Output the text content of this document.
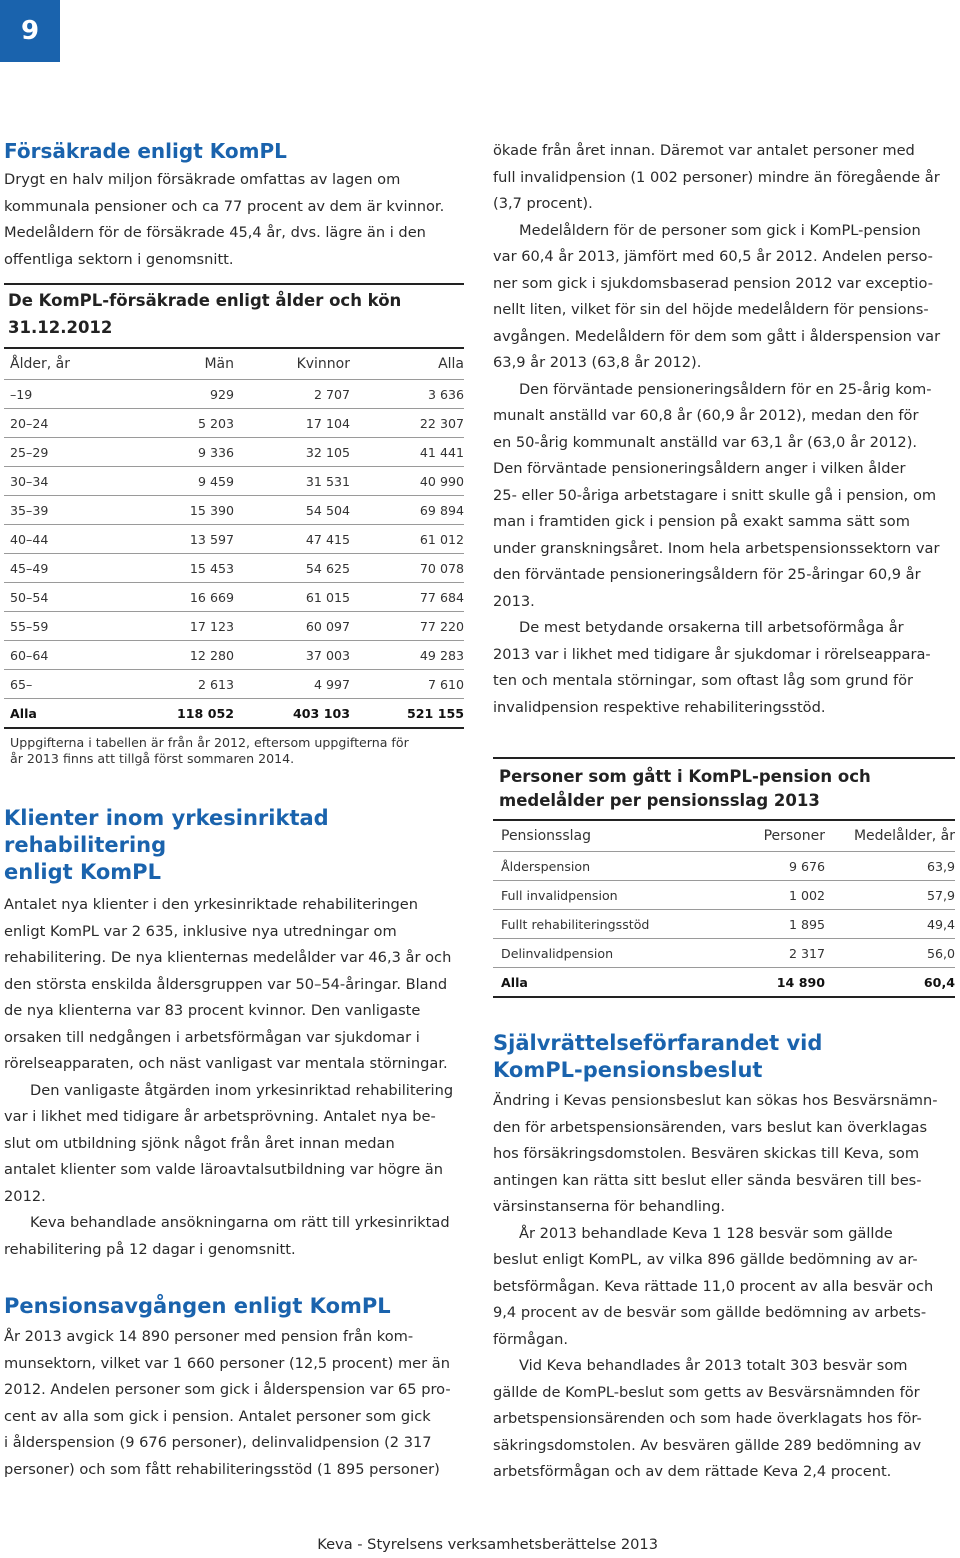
9
Försäkrade enligt KomPL

Drygt en halv miljon försäkrade omfattas av lagen om

kommunala pensioner och ca 77 procent av dem är kvinnor.

Medelåldern för de försäkrade 45,4 år, dvs. lägre än i den

offentliga sektorn i genomsnitt.

De KomPL-försäkrade enligt ålder och kön
31.12.2012
Ålder, år	Män	Kvinnor	Alla
–19	929	2 707	3 636
20–24	5 203	17 104	22 307
25–29	9 336	32 105	41 441
30–34	9 459	31 531	40 990
35–39	15 390	54 504	69 894
40–44	13 597	47 415	61 012
45–49	15 453	54 625	70 078
50–54	16 669	61 015	77 684
55–59	17 123	60 097	77 220
60–64	12 280	37 003	49 283
65–	2 613	4 997	7 610
Alla	118 052	403 103	521 155
Uppgifterna i tabellen är från år 2012, eftersom uppgifterna för
år 2013 finns att tillgå först sommaren 2014.
Klienter inom yrkesinriktad rehabilitering
enligt KomPL

Antalet nya klienter i den yrkesinriktade rehabiliteringen

enligt KomPL var 2 635, inklusive nya utredningar om

rehabilitering. De nya klienternas medelålder var 46,3 år och

den största enskilda åldersgruppen var 50–54-åringar. Bland

de nya klienterna var 83 procent kvinnor. Den vanligaste

orsaken till nedgången i arbetsförmågan var sjukdomar i

rörelseapparaten, och näst vanligast var mentala störningar.

Den vanligaste åtgärden inom yrkesinriktad rehabilitering

var i likhet med tidigare år arbetsprövning. Antalet nya be-

slut om utbildning sjönk något från året innan medan

antalet klienter som valde läroavtalsutbildning var högre än

2012.

Keva behandlade ansökningarna om rätt till yrkesinriktad

rehabilitering på 12 dagar i genomsnitt.

Pensionsavgången enligt KomPL

År 2013 avgick 14 890 personer med pension från kom-

munsektorn, vilket var 1 660 personer (12,5 procent) mer än

2012. Andelen personer som gick i ålderspension var 65 pro-

cent av alla som gick i pension. Antalet personer som gick

i ålderspension (9 676 personer), delinvalidpension (2 317

personer) och som fått rehabiliteringsstöd (1 895 personer)

ökade från året innan. Däremot var antalet personer med

full invalidpension (1 002 personer) mindre än föregående år

(3,7 procent).

Medelåldern för de personer som gick i KomPL-pension

var 60,4 år 2013, jämfört med 60,5 år 2012. Andelen perso-

ner som gick i sjukdomsbaserad pension 2012 var exceptio-

nellt liten, vilket för sin del höjde medelåldern för pensions-

avgången. Medelåldern för dem som gått i ålderspension var

63,9 år 2013 (63,8 år 2012).

Den förväntade pensioneringsåldern för en 25-årig kom-

munalt anställd var 60,8 år (60,9 år 2012), medan den för

en 50-årig kommunalt anställd var 63,1 år (63,0 år 2012).

Den förväntade pensioneringsåldern anger i vilken ålder

25- eller 50-åriga arbetstagare i snitt skulle gå i pension, om

man i framtiden gick i pension på exakt samma sätt som

under granskningsåret. Inom hela arbetspensionssektorn var

den förväntade pensioneringsåldern för 25-åringar 60,9 år

2013.

De mest betydande orsakerna till arbetsoförmåga år

2013 var i likhet med tidigare år sjukdomar i rörelseappara-

ten och mentala störningar, som oftast låg som grund för

invalidpension respektive rehabiliteringsstöd.

Personer som gått i KomPL-pension och
medelålder per pensionsslag 2013
Pensionsslag	Personer	Medelålder, år
Ålderspension	9 676	63,9
Full invalidpension	1 002	57,9
Fullt rehabiliteringsstöd	1 895	49,4
Delinvalidpension	2 317	56,0
Alla	14 890	60,4
Självrättelseförfarandet vid
KomPL-pensionsbeslut

Ändring i Kevas pensionsbeslut kan sökas hos Besvärsnämn-

den för arbetspensionsärenden, vars beslut kan överklagas

hos försäkringsdomstolen. Besvären skickas till Keva, som

antingen kan rätta sitt beslut eller sända besvären till bes-

värsinstanserna för behandling.

År 2013 behandlade Keva 1 128 besvär som gällde

beslut enligt KomPL, av vilka 896 gällde bedömning av ar-

betsförmågan. Keva rättade 11,0 procent av alla besvär och

9,4 procent av de besvär som gällde bedömning av arbets-

förmågan.

Vid Keva behandlades år 2013 totalt 303 besvär som

gällde de KomPL-beslut som getts av Besvärsnämnden för

arbetspensionsärenden och som hade överklagats hos för-

säkringsdomstolen. Av besvären gällde 289 bedömning av

arbetsförmågan och av dem rättade Keva 2,4 procent.

Keva - Styrelsens verksamhetsberättelse 2013
